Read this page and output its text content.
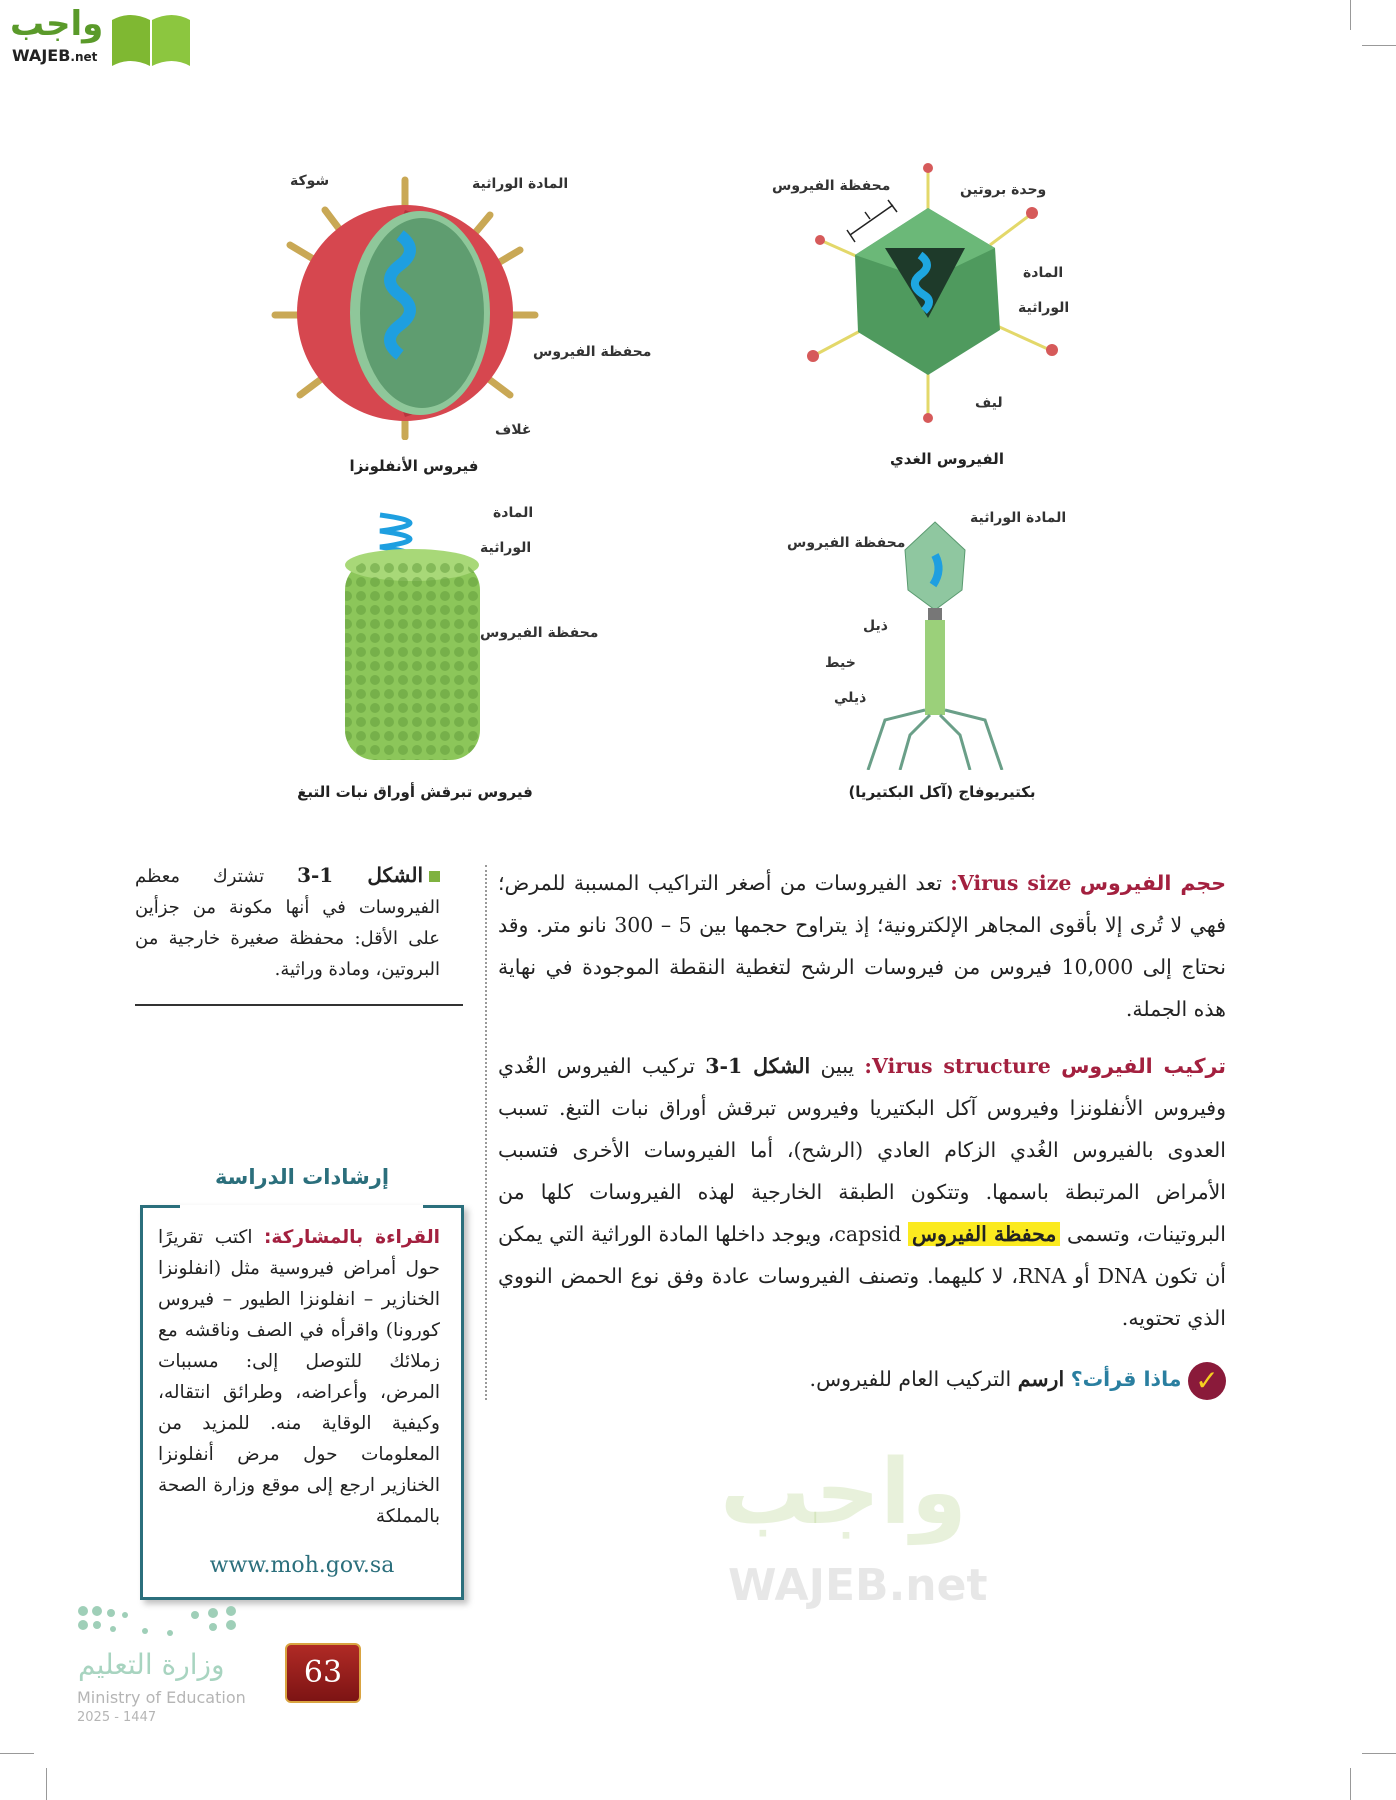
واجب
WAJEB.net
محفظة الفيروس	وحدة بروتين
المادة
الوراثية
ليف
الفيروس الغدي
شوكة	المادة الوراثية
محفظة الفيروس
غلاف
فيروس الأنفلونزا
المادة الوراثية
محفظة الفيروس
ذيل
خيط
ذيلي
بكتيريوفاج (آكل البكتيريا)
المادة
الوراثية
محفظة الفيروس
فيروس تبرقش أوراق نبات التبغ
واجب
WAJEB.net

حجم الفيروس Virus size: تعد الفيروسات من أصغر التراكيب المسببة للمرض؛ فهي لا تُرى إلا بأقوى المجاهر الإلكترونية؛ إذ يتراوح حجمها بين 5 – 300 نانو متر. وقد نحتاج إلى 10,000 فيروس من فيروسات الرشح لتغطية النقطة الموجودة في نهاية هذه الجملة.

تركيب الفيروس Virus structure: يبين الشكل 1-3 تركيب الفيروس الغُدي وفيروس الأنفلونزا وفيروس آكل البكتيريا وفيروس تبرقش أوراق نبات التبغ. تسبب العدوى بالفيروس الغُدي الزكام العادي (الرشح)، أما الفيروسات الأخرى فتسبب الأمراض المرتبطة باسمها. وتتكون الطبقة الخارجية لهذه الفيروسات كلها من البروتينات، وتسمى محفظة الفيروس capsid، ويوجد داخلها المادة الوراثية التي يمكن أن تكون DNA أو RNA، لا كليهما. وتصنف الفيروسات عادة وفق نوع الحمض النووي الذي تحتويه.

✓ ماذا قرأت؟ ارسم التركيب العام للفيروس.

الشكل 1-3 تشترك معظم الفيروسات في أنها مكونة من جزأين على الأقل: محفظة صغيرة خارجية من البروتين، ومادة وراثية.
إرشادات الدراسة
القراءة بالمشاركة: اكتب تقريرًا حول أمراض فيروسية مثل (انفلونزا الخنازير – انفلونزا الطيور – فيروس كورونا) واقرأه في الصف وناقشه مع زملائك للتوصل إلى: مسببات المرض، وأعراضه، وطرائق انتقاله، وكيفية الوقاية منه. للمزيد من المعلومات حول مرض أنفلونزا الخنازير ارجع إلى موقع وزارة الصحة بالمملكة
www.moh.gov.sa
وزارة التعليم
Ministry of Education
2025 - 1447
63
